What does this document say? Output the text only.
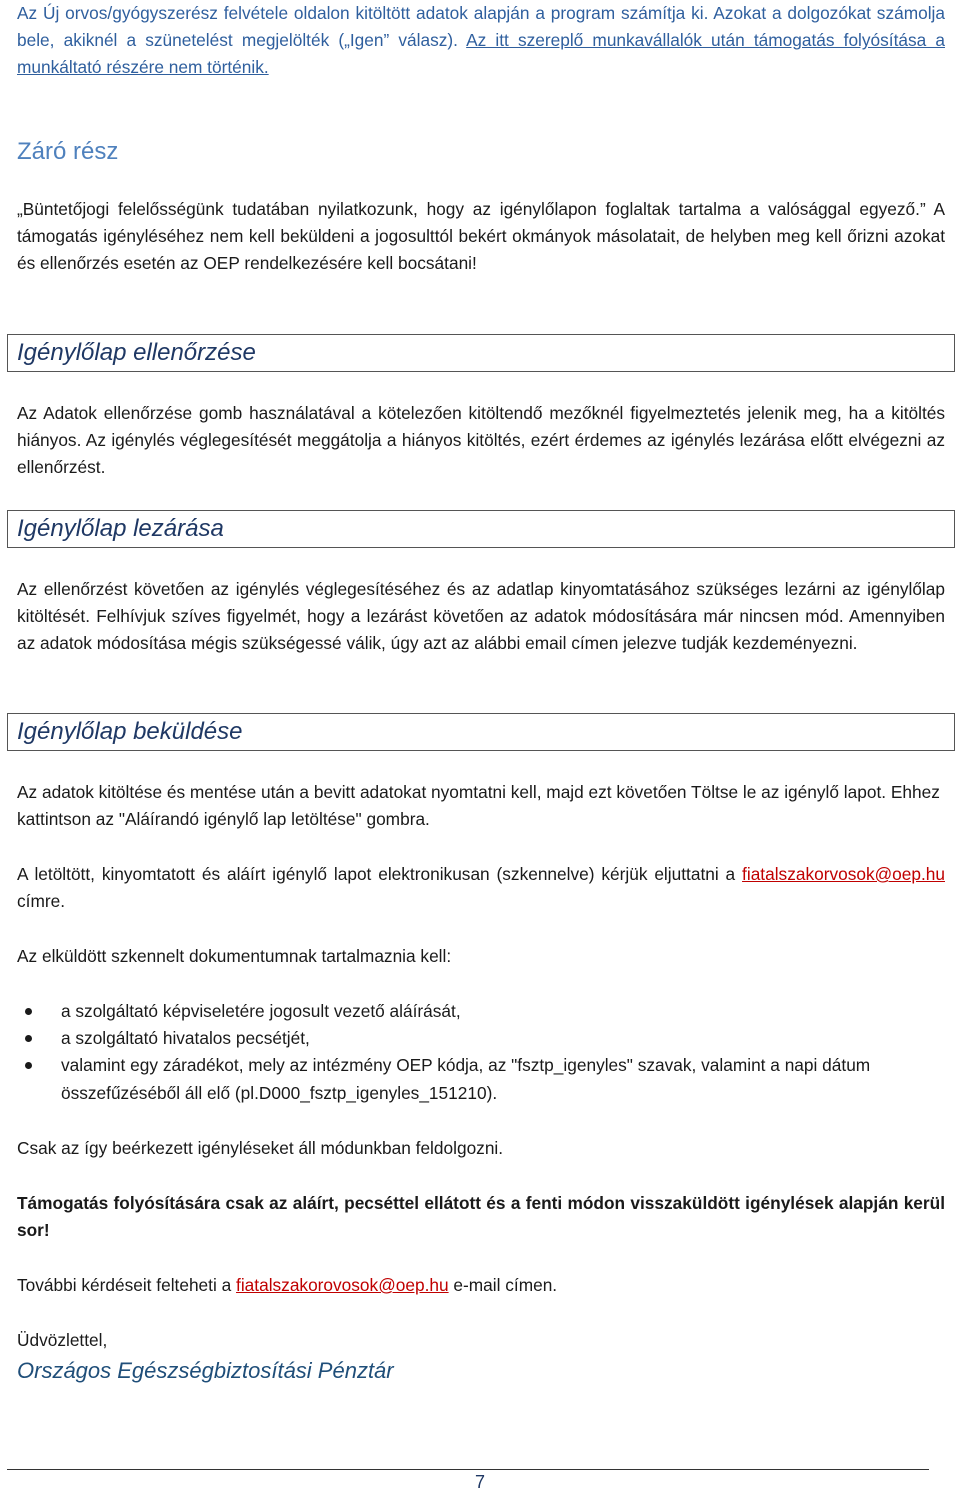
Az Új orvos/gyógyszerész felvétele oldalon kitöltött adatok alapján a program számítja ki. Azokat a dolgozókat számolja bele, akiknél a szünetelést megjelölték („Igen” válasz). Az itt szereplő munkavállalók után támogatás folyósítása a munkáltató részére nem történik.

Záró rész

„Büntetőjogi felelősségünk tudatában nyilatkozunk, hogy az igénylőlapon foglaltak tartalma a valósággal egyező.” A támogatás igényléséhez nem kell beküldeni a jogosulttól bekért okmányok másolatait, de helyben meg kell őrizni azokat és ellenőrzés esetén az OEP rendelkezésére kell bocsátani!

Igénylőlap ellenőrzése

Az Adatok ellenőrzése gomb használatával a kötelezően kitöltendő mezőknél figyelmeztetés jelenik meg, ha a kitöltés hiányos. Az igénylés véglegesítését meggátolja a hiányos kitöltés, ezért érdemes az igénylés lezárása előtt elvégezni az ellenőrzést.

Igénylőlap lezárása

Az ellenőrzést követően az igénylés véglegesítéséhez és az adatlap kinyomtatásához szükséges lezárni az igénylőlap kitöltését. Felhívjuk szíves figyelmét, hogy a lezárást követően az adatok módosítására már nincsen mód. Amennyiben az adatok módosítása mégis szükségessé válik, úgy azt az alábbi email címen jelezve tudják kezdeményezni.

Igénylőlap beküldése

Az adatok kitöltése és mentése után a bevitt adatokat nyomtatni kell, majd ezt követően Töltse le az igénylő lapot. Ehhez kattintson az "Aláírandó igénylő lap letöltése" gombra.

A letöltött, kinyomtatott és aláírt igénylő lapot elektronikusan (szkennelve) kérjük eljuttatni a fiatalszakorvosok@oep.hu címre.

Az elküldött szkennelt dokumentumnak tartalmaznia kell:

a szolgáltató képviseletére jogosult vezető aláírását,
a szolgáltató hivatalos pecsétjét,
valamint egy záradékot, mely az intézmény OEP kódja, az "fsztp_igenyles" szavak, valamint a napi dátum összefűzéséből áll elő (pl.D000_fsztp_igenyles_151210).

Csak az így beérkezett igényléseket áll módunkban feldolgozni.

Támogatás folyósítására csak az aláírt, pecséttel ellátott és a fenti módon visszaküldött igénylések alapján kerül sor!

További kérdéseit felteheti a fiatalszakorovosok@oep.hu e-mail címen.

Üdvözlettel,

Országos Egészségbiztosítási Pénztár
7
